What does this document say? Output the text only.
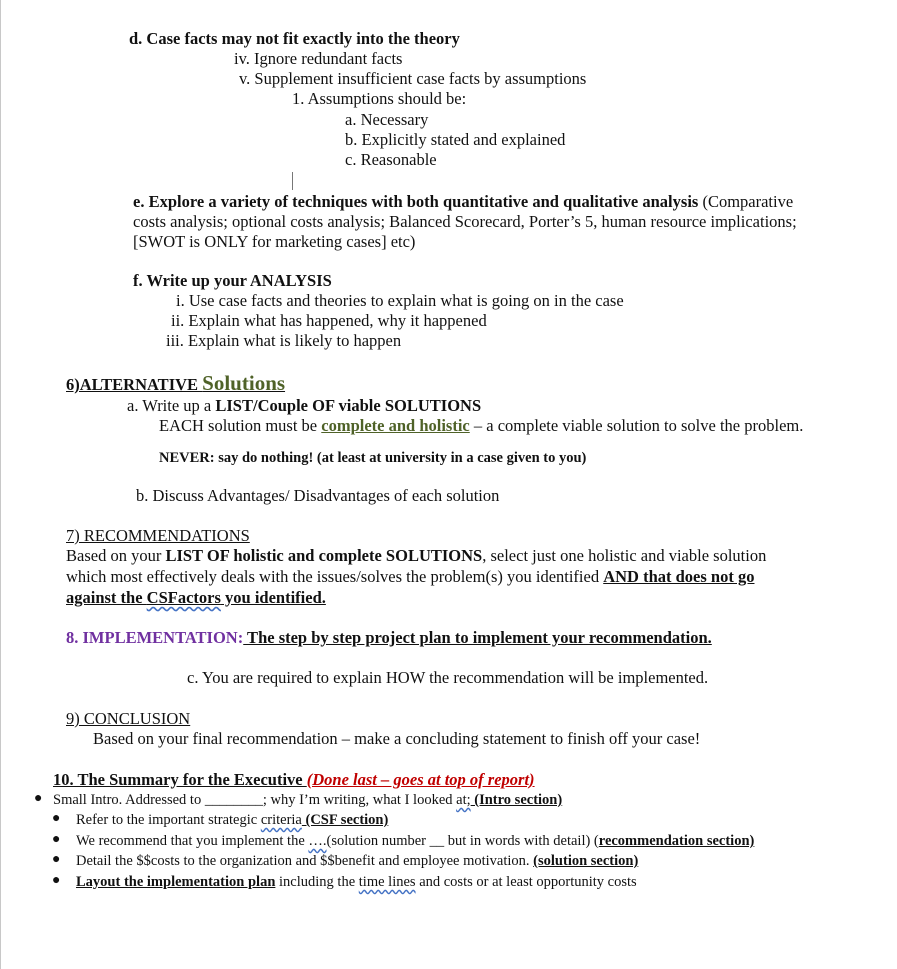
d. Case facts may not fit exactly into the theory
iv. Ignore redundant facts
v. Supplement insufficient case facts by assumptions
1. Assumptions should be:
a. Necessary
b. Explicitly stated and explained
c. Reasonable
e. Explore a variety of techniques with both quantitative and qualitative analysis (Comparative
costs analysis; optional costs analysis; Balanced Scorecard, Porter’s 5, human resource implications;
[SWOT is ONLY for marketing cases] etc)
f. Write up your ANALYSIS
i. Use case facts and theories to explain what is going on in the case
ii. Explain what has happened, why it happened
iii. Explain what is likely to happen
6)ALTERNATIVE Solutions
a. Write up a LIST/Couple OF viable SOLUTIONS
EACH solution must be complete and holistic – a complete viable solution to solve the problem.
NEVER: say do nothing! (at least at university in a case given to you)
b. Discuss Advantages/ Disadvantages of each solution
7) RECOMMENDATIONS
Based on your LIST OF holistic and complete SOLUTIONS, select just one holistic and viable solution
which most effectively deals with the issues/solves the problem(s) you identified AND that does not go
against the CSFactors you identified.
8. IMPLEMENTATION: The step by step project plan to implement your recommendation.
c. You are required to explain HOW the recommendation will be implemented.
9) CONCLUSION
Based on your final recommendation – make a concluding statement to finish off your case!
10. The Summary for the Executive (Done last – goes at top of report)
● Small Intro. Addressed to ________; why I’m writing, what I looked at; (Intro section)
● Refer to the important strategic criteria (CSF section)
● We recommend that you implement the ….(solution number __ but in words with detail) (recommendation section)
● Detail the $$costs to the organization and $$benefit and employee motivation. (solution section)
● Layout the implementation plan including the time lines and costs or at least opportunity costs
